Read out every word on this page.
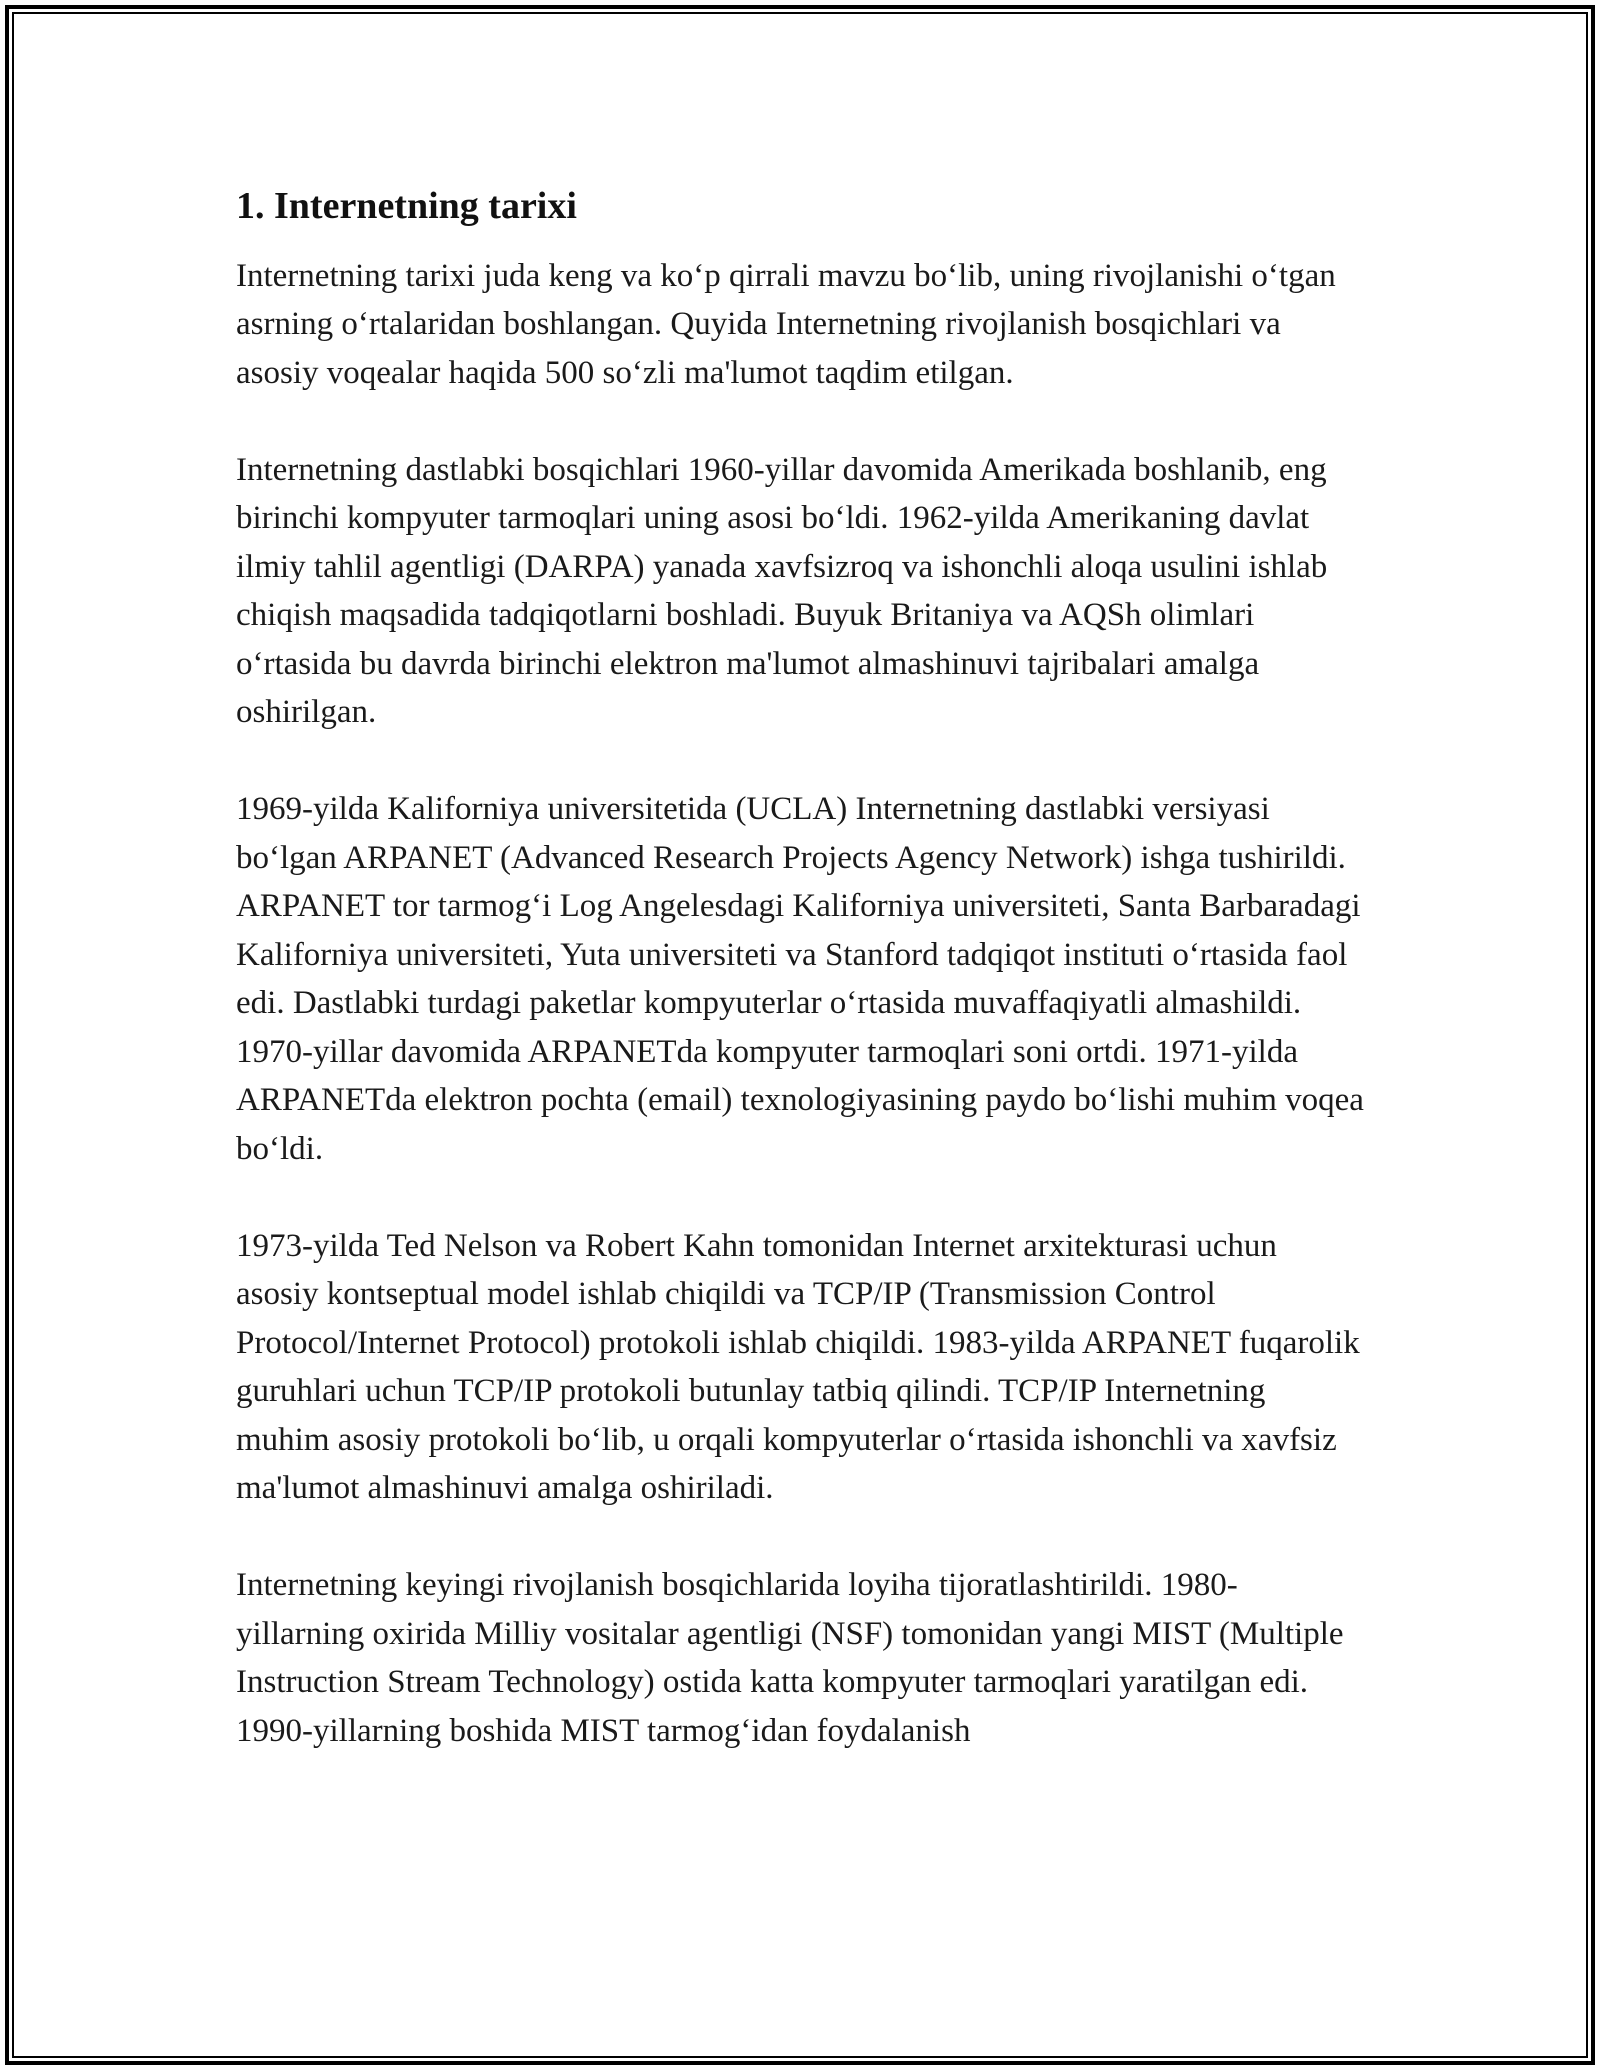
1. Internetning tarixi

Internetning tarixi juda keng va ko‘p qirrali mavzu bo‘lib, uning rivojlanishi o‘tgan asrning o‘rtalaridan boshlangan. Quyida Internetning rivojlanish bosqichlari va asosiy voqealar haqida 500 so‘zli ma'lumot taqdim etilgan.

Internetning dastlabki bosqichlari 1960-yillar davomida Amerikada boshlanib, eng birinchi kompyuter tarmoqlari uning asosi bo‘ldi. 1962-yilda Amerikaning davlat ilmiy tahlil agentligi (DARPA) yanada xavfsizroq va ishonchli aloqa usulini ishlab chiqish maqsadida tadqiqotlarni boshladi. Buyuk Britaniya va AQSh olimlari o‘rtasida bu davrda birinchi elektron ma'lumot almashinuvi tajribalari amalga oshirilgan.

1969-yilda Kaliforniya universitetida (UCLA) Internetning dastlabki versiyasi bo‘lgan ARPANET (Advanced Research Projects Agency Network) ishga tushirildi. ARPANET tor tarmog‘i Log Angelesdagi Kaliforniya universiteti, Santa Barbaradagi Kaliforniya universiteti, Yuta universiteti va Stanford tadqiqot instituti o‘rtasida faol edi. Dastlabki turdagi paketlar kompyuterlar o‘rtasida muvaffaqiyatli almashildi. 1970-yillar davomida ARPANETda kompyuter tarmoqlari soni ortdi. 1971-yilda ARPANETda elektron pochta (email) texnologiyasining paydo bo‘lishi muhim voqea bo‘ldi.

1973-yilda Ted Nelson va Robert Kahn tomonidan Internet arxitekturasi uchun asosiy kontseptual model ishlab chiqildi va TCP/IP (Transmission Control Protocol/Internet Protocol) protokoli ishlab chiqildi. 1983-yilda ARPANET fuqarolik guruhlari uchun TCP/IP protokoli butunlay tatbiq qilindi. TCP/IP Internetning muhim asosiy protokoli bo‘lib, u orqali kompyuterlar o‘rtasida ishonchli va xavfsiz ma'lumot almashinuvi amalga oshiriladi.

Internetning keyingi rivojlanish bosqichlarida loyiha tijoratlashtirildi. 1980-yillarning oxirida Milliy vositalar agentligi (NSF) tomonidan yangi MIST (Multiple Instruction Stream Technology) ostida katta kompyuter tarmoqlari yaratilgan edi. 1990-yillarning boshida MIST tarmog‘idan foydalanish
